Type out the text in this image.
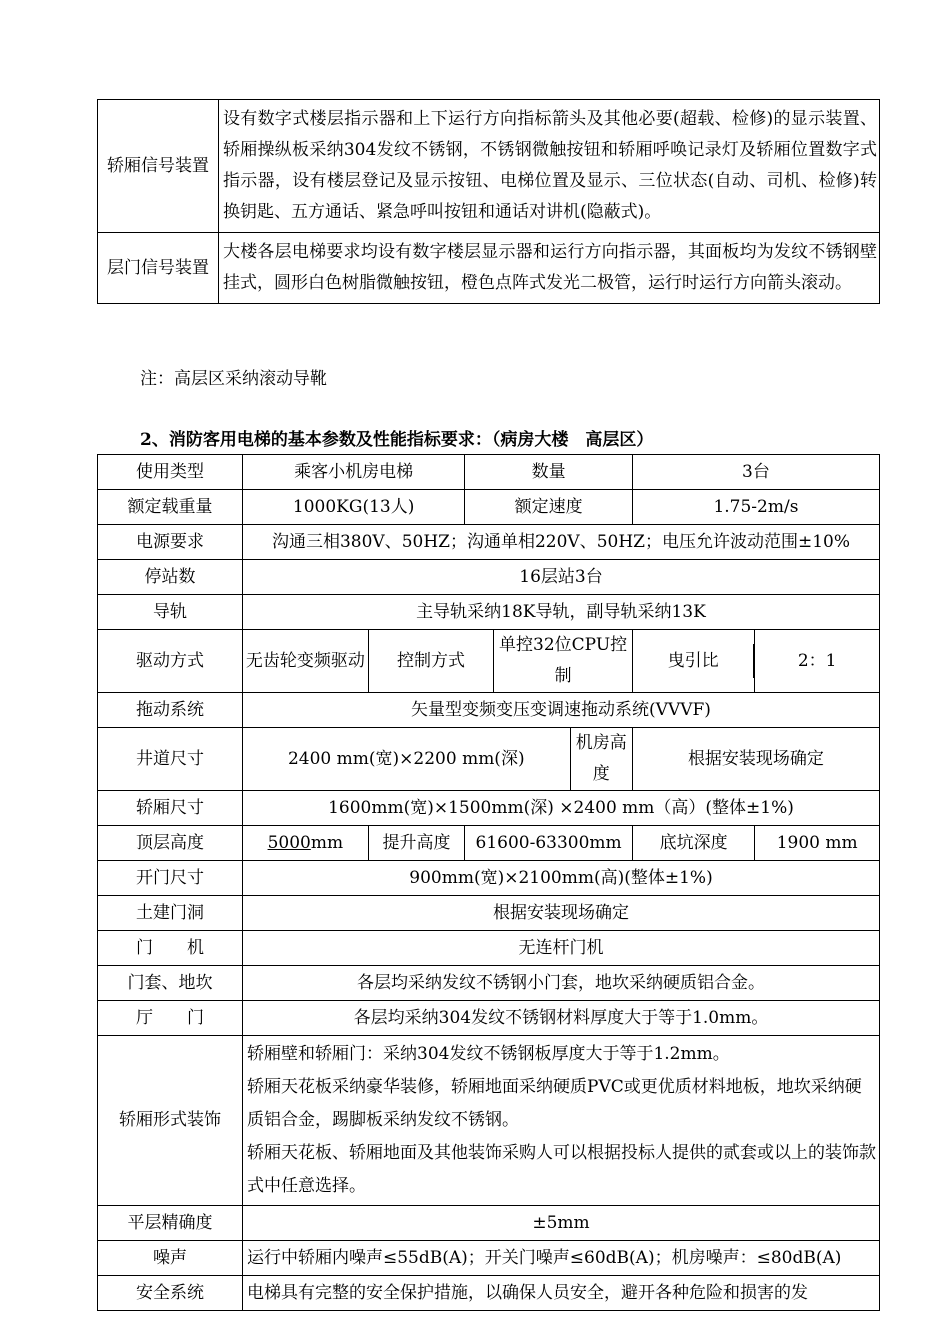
轿厢信号装置	设有数字式楼层指示器和上下运行方向指标箭头及其他必要(超载、检修)的显示装置、轿厢操纵板采纳304发纹不锈钢，不锈钢微触按钮和轿厢呼唤记录灯及轿厢位置数字式指示器，设有楼层登记及显示按钮、电梯位置及显示、三位状态(自动、司机、检修)转换钥匙、五方通话、紧急呼叫按钮和通话对讲机(隐蔽式)。
层门信号装置	大楼各层电梯要求均设有数字楼层显示器和运行方向指示器，其面板均为发纹不锈钢壁挂式，圆形白色树脂微触按钮，橙色点阵式发光二极管，运行时运行方向箭头滚动。
注：高层区采纳滚动导靴
2、消防客用电梯的基本参数及性能指标要求：（病房大楼　高层区）
使用类型	乘客小机房电梯		数量			3台	
额定载重量	1000KG(13人)		额定速度			1.75-2m/s	
电源要求	沟通三相380V、50HZ；沟通单相220V、50HZ；电压允许波动范围±10%						
停站数	16层站3台						
导轨	主导轨采纳18K导轨，副导轨采纳13K						
驱动方式	无齿轮变频驱动	控制方式		单控32位CPU控制		曳引比	2：1
拖动系统	矢量型变频变压变调速拖动系统(VVVF)						
井道尺寸	2400 mm(宽)×2200 mm(深)				机房高度	根据安装现场确定	
轿厢尺寸	1600mm(宽)×1500mm(深) ×2400 mm（高）(整体±1%)						
顶层高度	5000mm	提升高度	61600-63300mm			底坑深度	1900 mm
开门尺寸	900mm(宽)×2100mm(高)(整体±1%)						
土建门洞	根据安装现场确定						
门　　机	无连杆门机						
门套、地坎	各层均采纳发纹不锈钢小门套，地坎采纳硬质铝合金。						
厅　　门	各层均采纳304发纹不锈钢材料厚度大于等于1.0mm。						
轿厢形式装饰	轿厢壁和轿厢门：采纳304发纹不锈钢板厚度大于等于1.2mm。
轿厢天花板采纳豪华装修，轿厢地面采纳硬质PVC或更优质材料地板，地坎采纳硬质铝合金，踢脚板采纳发纹不锈钢。
轿厢天花板、轿厢地面及其他装饰采购人可以根据投标人提供的贰套或以上的装饰款式中任意选择。						

平层精确度	±5mm						
噪声	运行中轿厢内噪声≤55dB(A)；开关门噪声≤60dB(A)；机房噪声：≤80dB(A)						
安全系统	电梯具有完整的安全保护措施，以确保人员安全，避开各种危险和损害的发						
